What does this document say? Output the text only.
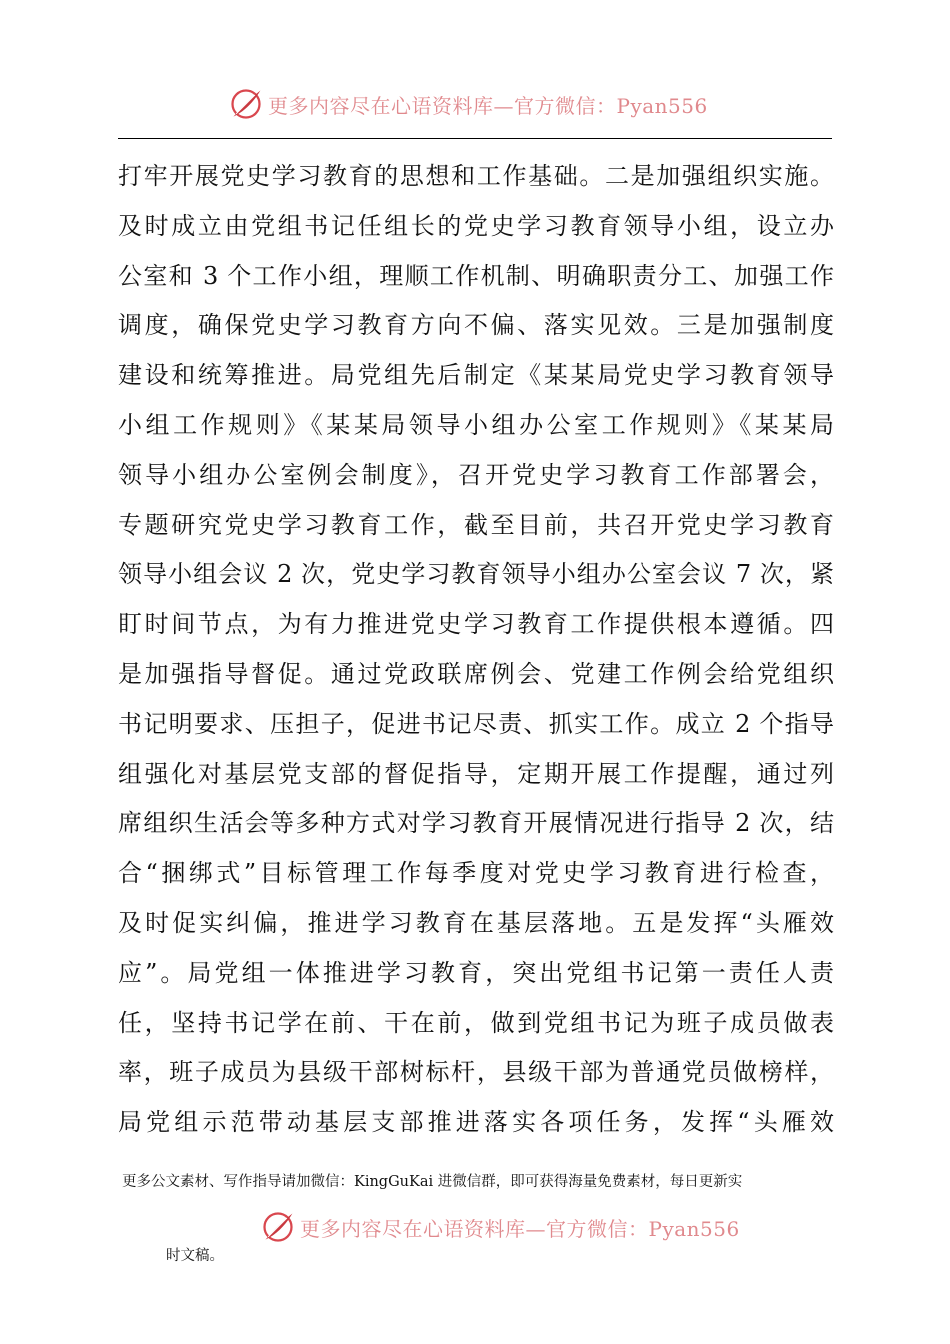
更多内容尽在心语资料库—官方微信：Pyan556
打牢开展党史学习教育的思想和工作基础。二是加强组织实施。
及时成立由党组书记任组长的党史学习教育领导小组，设立办
公室和 3 个工作小组，理顺工作机制、明确职责分工、加强工作
调度，确保党史学习教育方向不偏、落实见效。三是加强制度
建设和统筹推进。局党组先后制定《某某局党史学习教育领导
小组工作规则》《某某局领导小组办公室工作规则》《某某局
领导小组办公室例会制度》，召开党史学习教育工作部署会，
专题研究党史学习教育工作，截至目前，共召开党史学习教育
领导小组会议 2 次，党史学习教育领导小组办公室会议 7 次，紧
盯时间节点，为有力推进党史学习教育工作提供根本遵循。四
是加强指导督促。通过党政联席例会、党建工作例会给党组织
书记明要求、压担子，促进书记尽责、抓实工作。成立 2 个指导
组强化对基层党支部的督促指导，定期开展工作提醒，通过列
席组织生活会等多种方式对学习教育开展情况进行指导 2 次，结
合“捆绑式”目标管理工作每季度对党史学习教育进行检查，
及时促实纠偏，推进学习教育在基层落地。五是发挥“头雁效
应”。局党组一体推进学习教育，突出党组书记第一责任人责
任，坚持书记学在前、干在前，做到党组书记为班子成员做表
率，班子成员为县级干部树标杆，县级干部为普通党员做榜样，
局党组示范带动基层支部推进落实各项任务，发挥“头雁效
更多公文素材、写作指导请加微信：KingGuKai 进微信群，即可获得海量免费素材，每日更新实
更多内容尽在心语资料库—官方微信：Pyan556
时文稿。
